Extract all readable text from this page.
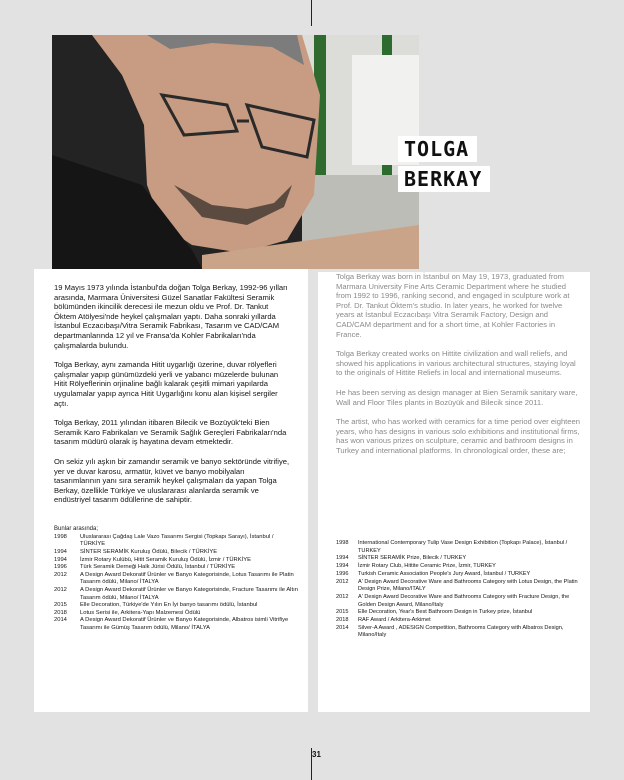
TOLGA
BERKAY

19 Mayıs 1973 yılında İstanbul'da doğan Tolga Berkay, 1992-96 yılları arasında, Marmara Üniversitesi Güzel Sanatlar Fakültesi Seramik bölümünden ikincilik derecesi ile mezun oldu ve Prof. Dr. Tankut Öktem Atölyesi'nde heykel çalışmaları yaptı. Daha sonraki yıllarda İstanbul Eczacıbaşı/Vitra Seramik Fabrikası, Tasarım ve CAD/CAM departmanlarında 12 yıl ve Fransa'da Kohler Fabrikaları'nda çalışmalarda bulundu.

Tolga Berkay, aynı zamanda Hitit uygarlığı üzerine, duvar rölyefleri çalışmalar yapıp günümüzdeki yerli ve yabancı müzelerde bulunan Hitit Rölyeflerinin orjinaline bağlı kalarak çeşitli mimari yapılarda uygulamalar yapıp ayrıca Hitit Uygarlığını konu alan kişisel sergiler açtı.

Tolga Berkay, 2011 yılından itibaren Bilecik ve Bozüyük'teki Bien Seramik Karo Fabrikaları ve Seramik Sağlık Gereçleri Fabrikaları'nda tasarım müdürü olarak iş hayatına devam etmektedir.

On sekiz yılı aşkın bir zamandır seramik ve banyo sektöründe vitrifiye, yer ve duvar karosu, armatür, küvet ve banyo mobilyaları tasarımlarının yanı sıra seramik heykel çalışmaları da yapan Tolga Berkay, özellikle Türkiye ve uluslararası alanlarda seramik ve endüstriyel tasarım ödüllerine de sahiptir.

Bunlar arasında;
1998	Uluslararası Çağdaş Lale Vazo Tasarımı Sergisi (Topkapı Sarayı), İstanbul / TÜRKİYE
1994	SİNTER SERAMİK Kuruluş Ödülü, Bilecik / TÜRKİYE
1994	İzmir Rotary Kulübü, Hitit Seramik Kuruluş Ödülü, İzmir / TÜRKİYE
1996	Türk Seramik Derneği Halk Jürisi Ödülü, İstanbul / TÜRKİYE
2012	A Design Award Dekoratif Ürünler ve Banyo Kategorisinde, Lotus Tasarımı ile Platin Tasarım ödülü, Milano/ İTALYA
2012	A Design Award Dekoratif Ürünler ve Banyo Kategorisinde, Fracture Tasarımı ile Altın Tasarım ödülü, Milano/ İTALYA
2015	Elle Decoration, Türkiye'de Yılın En İyi banyo tasarımı ödülü, İstanbul
2018	Lotus Serisi ile, Arkitera-Yapı Malzemesi Ödülü
2014	A Design Award Dekoratif Ürünler ve Banyo Kategorisinde, Albatros isimli Vitrifiye Tasarımı ile Gümüş Tasarım ödülü, Milano/ İTALYA

Tolga Berkay was born in İstanbul on May 19, 1973, graduated from Marmara University Fine Arts Ceramic Department where he studied from 1992 to 1996, ranking second, and engaged in sculpture work at Prof. Dr. Tankut Öktem's studio. In later years, he worked for twelve years at İstanbul Eczacıbaşı Vitra Seramik Factory, Design and CAD/CAM department and for a short time, at Kohler Factories in France.

Tolga Berkay created works on Hittite civilization and wall reliefs, and showed his applications in various architectural structures, staying loyal to the originals of Hittite Reliefs in local and international museums.

He has been serving as design manager at Bien Seramik sanitary ware, Wall and Floor Tiles plants in Bozüyük and Bilecik since 2011.

The artist, who has worked with ceramics for a time period over eighteen years, who has designs in various solo exhibitions and institutional firms, has won various prizes on sculpture, ceramic and bathroom designs in Turkey and international platforms. In chronological order, these are;

1998	International Contemporary Tulip Vase Design Exhibition (Topkapı Palace), İstanbul / TURKEY
1994	SİNTER SERAMİK Prize, Bilecik / TURKEY
1994	İzmir Rotary Club, Hittite Ceramic Prize, İzmir, TURKEY
1996	Turkish Ceramic Association People's Jury Award, İstanbul / TURKEY
2012	A' Design Award Decorative Ware and Bathrooms Category with Lotus Design, the Platin Design Prize, Milano/ITALY
2012	A' Design Award Decorative Ware and Bathrooms Category with Fracture Design, the Golden Design Award, Milano/Italy
2015	Elle Decoration, Year's Best Bathroom Design in Turkey prize, İstanbul
2018	RAF Award / Arkitera-Arkimet
2014	Silver-A Award , ADESIGN Competition, Bathrooms Category with Albatros Design, Milano/Italy
31
